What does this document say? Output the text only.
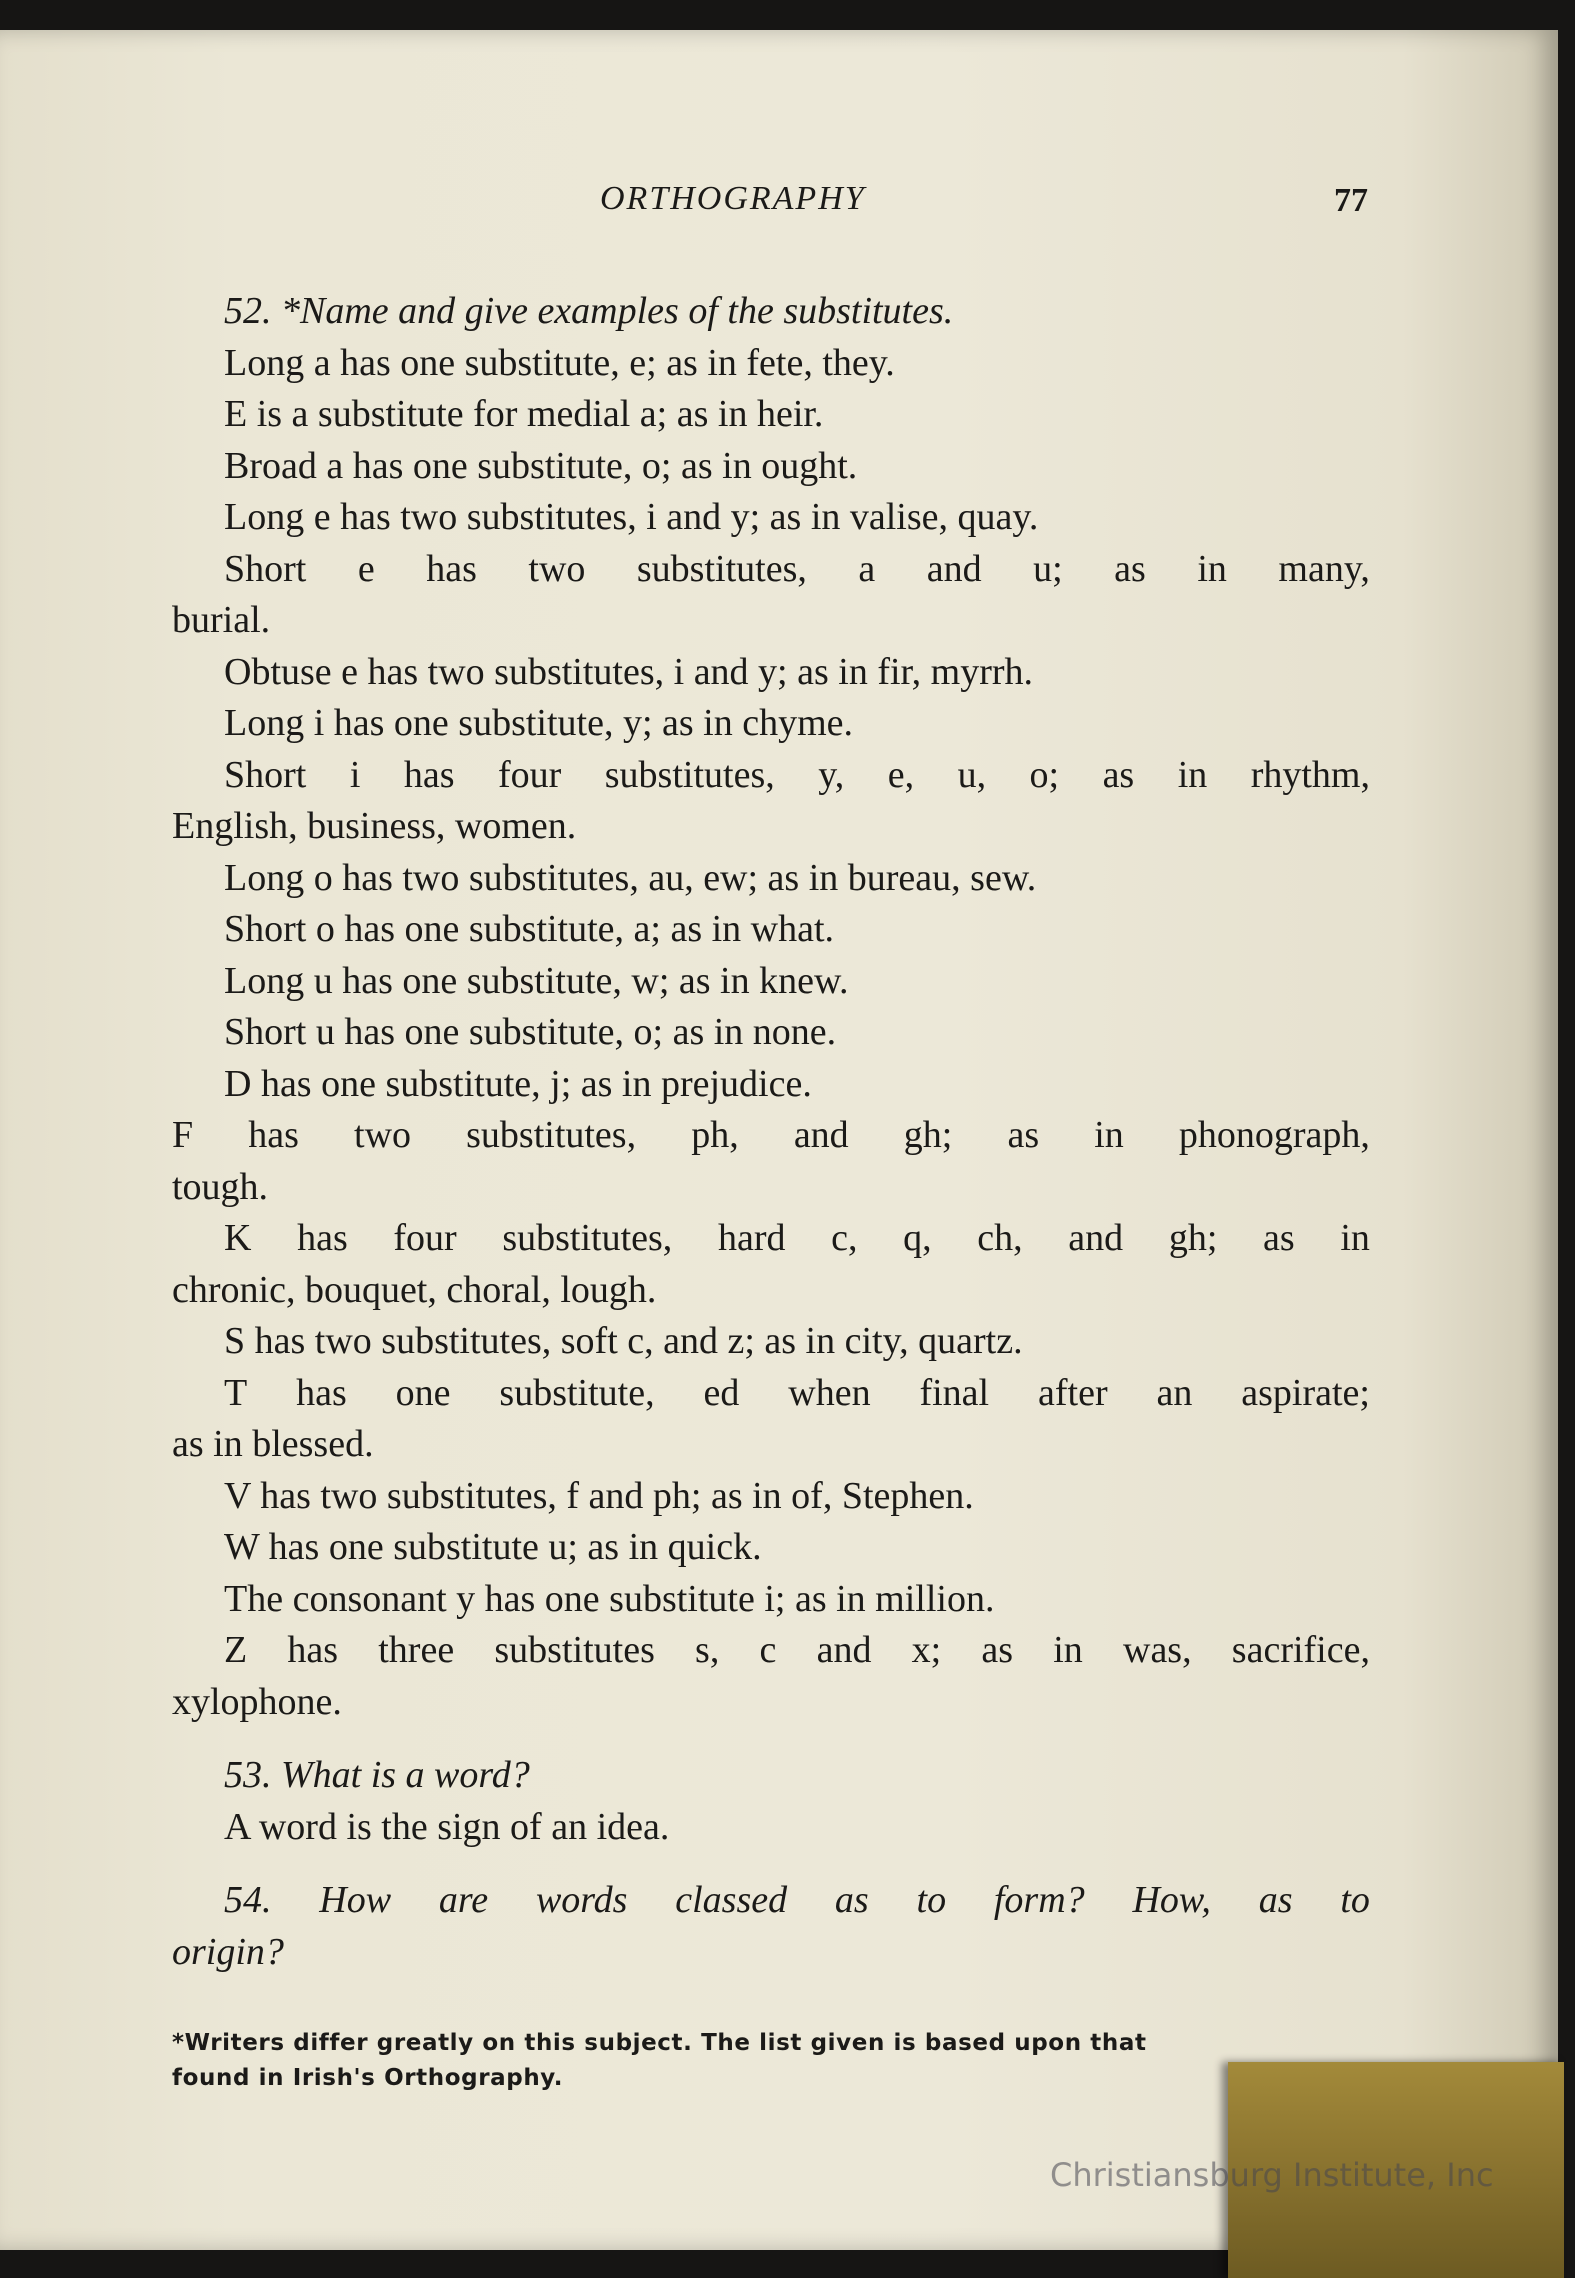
ORTHOGRAPHY	77
52. *Name and give examples of the substitutes.
Long a has one substitute, e; as in fete, they.
E is a substitute for medial a; as in heir.
Broad a has one substitute, o; as in ought.
Long e has two substitutes, i and y; as in valise, quay.
Short e has two substitutes, a and u; as in many,
burial.
Obtuse e has two substitutes, i and y; as in fir, myrrh.
Long i has one substitute, y; as in chyme.
Short i has four substitutes, y, e, u, o; as in rhythm,
English, business, women.
Long o has two substitutes, au, ew; as in bureau, sew.
Short o has one substitute, a; as in what.
Long u has one substitute, w; as in knew.
Short u has one substitute, o; as in none.
D has one substitute, j; as in prejudice.
F has two substitutes, ph, and gh; as in phonograph,
tough.
K has four substitutes, hard c, q, ch, and gh; as in
chronic, bouquet, choral, lough.
S has two substitutes, soft c, and z; as in city, quartz.
T has one substitute, ed when final after an aspirate;
as in blessed.
V has two substitutes, f and ph; as in of, Stephen.
W has one substitute u; as in quick.
The consonant y has one substitute i; as in million.
Z has three substitutes s, c and x; as in was, sacrifice,
xylophone.
53. What is a word?
A word is the sign of an idea.
54. How are words classed as to form? How, as to
origin?
*Writers differ greatly on this subject. The list given is based upon that
found in Irish's Orthography.
Christiansburg Institute, Inc
